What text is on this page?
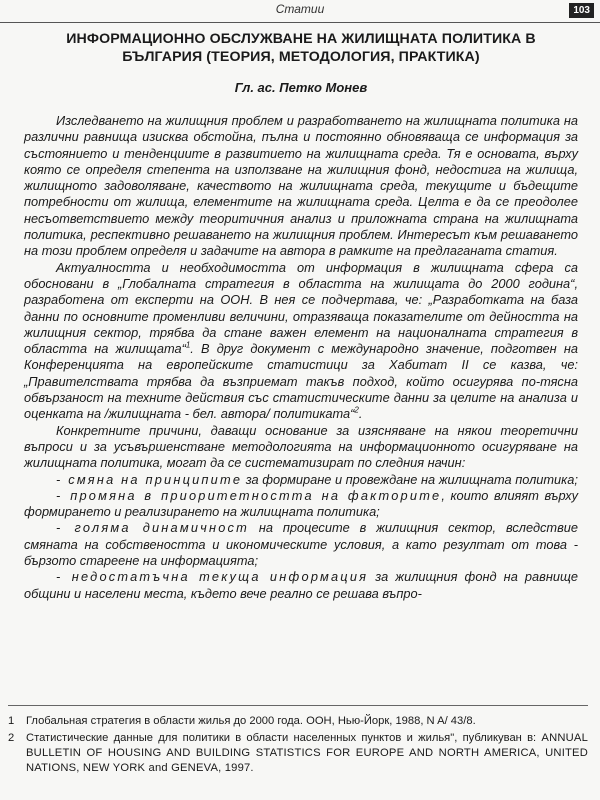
Статии	103
ИНФОРМАЦИОННО ОБСЛУЖВАНЕ НА ЖИЛИЩНАТА ПОЛИТИКА В
БЪЛГАРИЯ (ТЕОРИЯ, МЕТОДОЛОГИЯ, ПРАКТИКА)
Гл. ас. Петко Монев

Изследването на жилищния проблем и разработването на жилищната политика на различни равнища изисква обстойна, пълна и постоянно обновяваща се информация за състоянието и тенденциите в развитието на жилищната среда. Тя е основата, върху която се определя степента на използване на жилищния фонд, недостига на жилища, жилищното задоволяване, качеството на жилищната среда, текущите и бъдещите потребности от жилища, елементите на жилищната среда. Целта е да се преодолее несъответствието между теоритичния анализ и приложната страна на жилищната политика, респективно решаването на жилищния проблем. Интересът към решаването на този проблем определя и задачите на автора в рамките на предлаганата статия.

Актуалността и необходимостта от информация в жилищната сфера са обосновани в „Глобалната стратегия в областта на жилищата до 2000 година“, разработена от експерти на ООН. В нея се подчертава, че: „Разработката на база данни по основните променливи величини, отразяваща показателите от дейността на жилищния сектор, трябва да стане важен елемент на националната стратегия в областта на жилищата“$^1$. В друг документ с международно значение, подготвен на Конференцията на европейските статистици за Хабитат II се казва, че: „Правителствата трябва да възприемат такъв подход, който осигурява по-тясна обвързаност на техните действия със статистическите данни за целите на анализа и оценката на /жилищната - бел. автора/ политиката“$^2$.

Конкретните причини, даващи основание за изясняване на някои теоретични въпроси и за усъвършенстване методологията на информационното осигуряване на жилищната политика, могат да се систематизират по следния начин:

- смяна на принципите за формиране и провеждане на жилищната политика;

- промяна в приоритетността на факторите, които влияят върху формирането и реализирането на жилищната политика;

- голяма динамичност на процесите в жилищния сектор, вследствие смяната на собствеността и икономическите условия, а като резултат от това - бързото стареене на информацията;

- недостатъчна текуща информация за жилищния фонд на равнище общини и населени места, където вече реално се решава въпро-

1	Глобальная стратегия в области жилья до 2000 года. ООН, Нью-Йорк, 1988, N A/ 43/8.
2	Статистические данные для политики в области населенных пунктов и жилья", публикуван в: ANNUAL BULLETIN OF HOUSING AND BUILDING STATISTICS FOR EUROPE AND NORTH AMERICA, UNITED NATIONS, NEW YORK and GENEVA, 1997.
